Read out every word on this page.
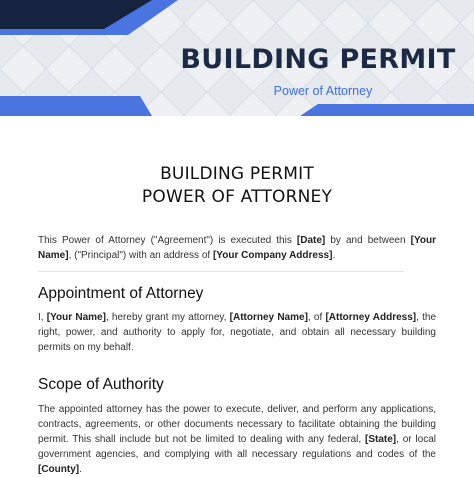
BUILDING PERMIT
Power of Attorney
BUILDING PERMIT
POWER OF ATTORNEY
This Power of Attorney ("Agreement") is executed this [Date] by and between [Your Name], ("Principal") with an address of [Your Company Address].
Appointment of Attorney
I, [Your Name], hereby grant my attorney, [Attorney Name], of [Attorney Address], the right, power, and authority to apply for, negotiate, and obtain all necessary building permits on my behalf.
Scope of Authority
The appointed attorney has the power to execute, deliver, and perform any applications, contracts, agreements, or other documents necessary to facilitate obtaining the building permit. This shall include but not be limited to dealing with any federal, [State], or local government agencies, and complying with all necessary regulations and codes of the [County].
